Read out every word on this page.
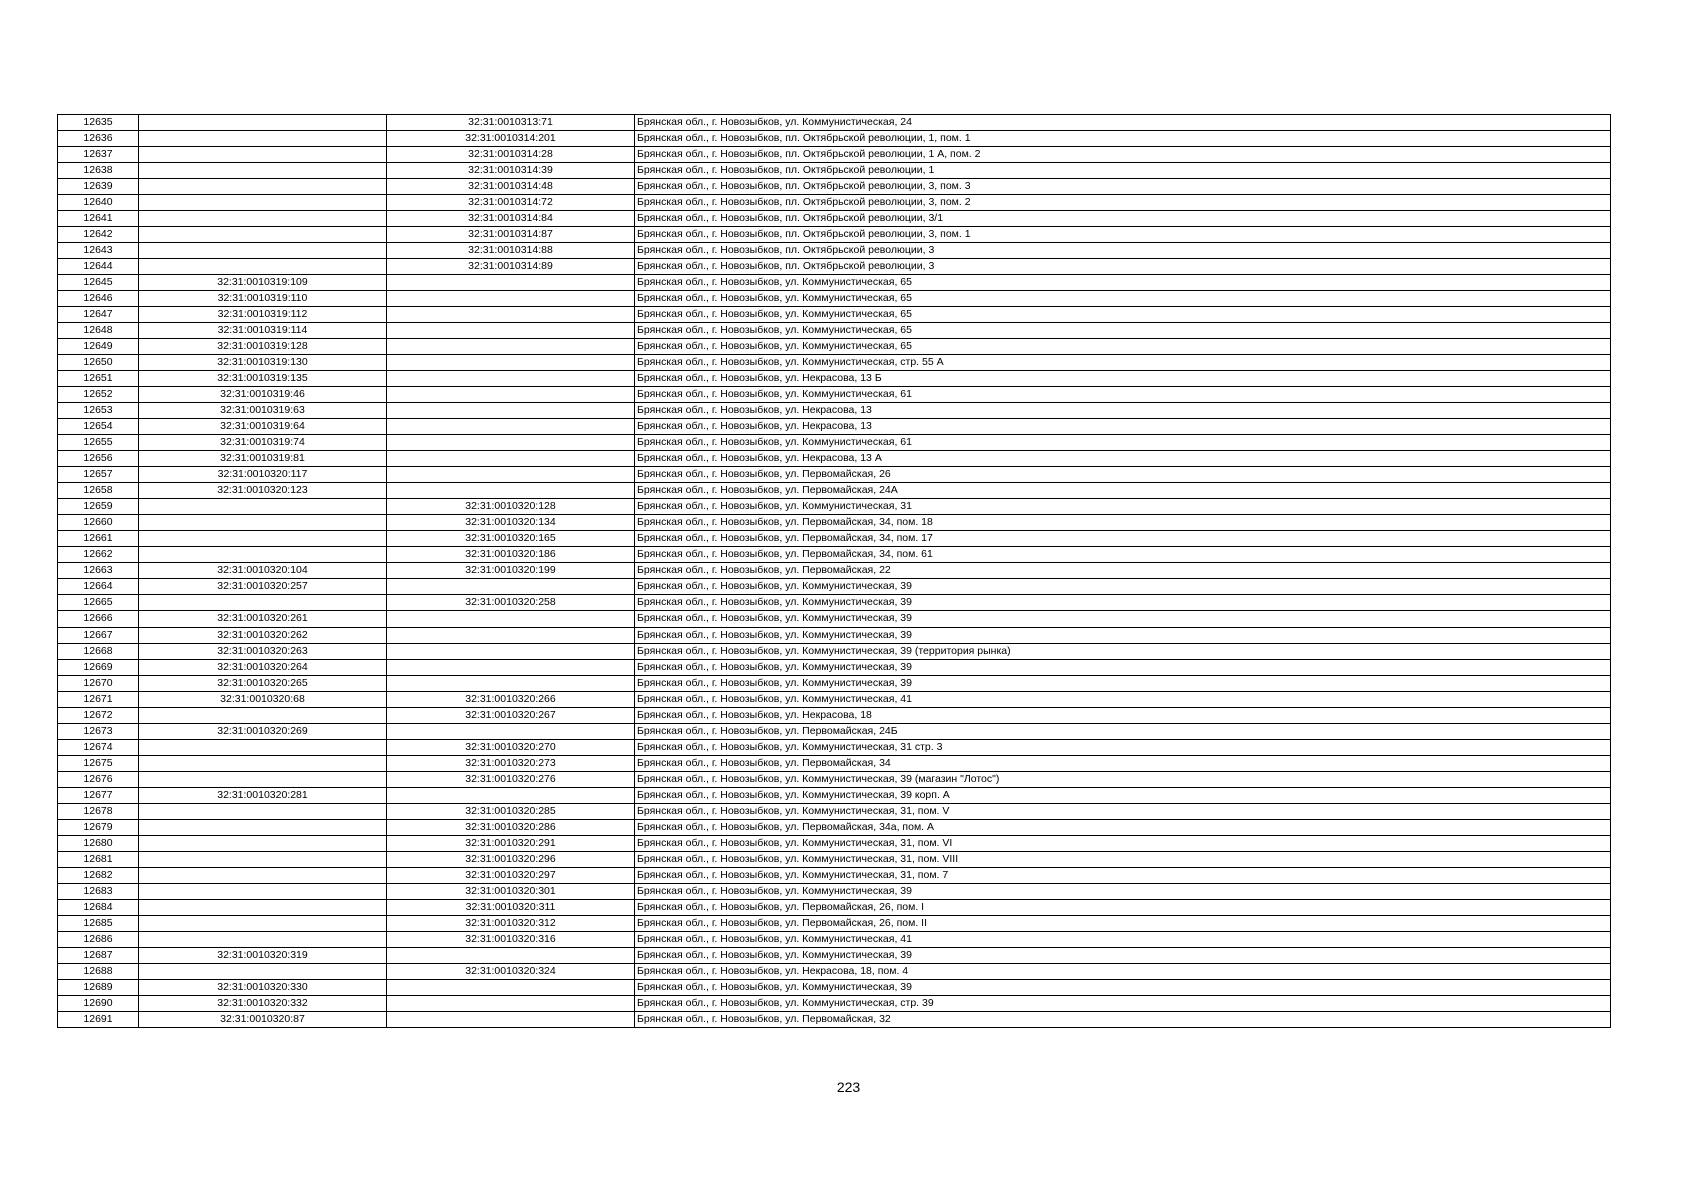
12635		32:31:0010313:71	Брянская обл., г. Новозыбков, ул. Коммунистическая, 24
12636		32:31:0010314:201	Брянская обл., г. Новозыбков, пл. Октябрьской революции, 1, пом. 1
12637		32:31:0010314:28	Брянская обл., г. Новозыбков, пл. Октябрьской революции, 1 А, пом. 2
12638		32:31:0010314:39	Брянская обл., г. Новозыбков, пл. Октябрьской революции, 1
12639		32:31:0010314:48	Брянская обл., г. Новозыбков, пл. Октябрьской революции, 3, пом. 3
12640		32:31:0010314:72	Брянская обл., г. Новозыбков, пл. Октябрьской революции, 3, пом. 2
12641		32:31:0010314:84	Брянская обл., г. Новозыбков, пл. Октябрьской революции, 3/1
12642		32:31:0010314:87	Брянская обл., г. Новозыбков, пл. Октябрьской революции, 3, пом. 1
12643		32:31:0010314:88	Брянская обл., г. Новозыбков, пл. Октябрьской революции, 3
12644		32:31:0010314:89	Брянская обл., г. Новозыбков, пл. Октябрьской революции, 3
12645	32:31:0010319:109		Брянская обл., г. Новозыбков, ул. Коммунистическая, 65
12646	32:31:0010319:110		Брянская обл., г. Новозыбков, ул. Коммунистическая, 65
12647	32:31:0010319:112		Брянская обл., г. Новозыбков, ул. Коммунистическая, 65
12648	32:31:0010319:114		Брянская обл., г. Новозыбков, ул. Коммунистическая, 65
12649	32:31:0010319:128		Брянская обл., г. Новозыбков, ул. Коммунистическая, 65
12650	32:31:0010319:130		Брянская обл., г. Новозыбков, ул. Коммунистическая, стр. 55 А
12651	32:31:0010319:135		Брянская обл., г. Новозыбков, ул. Некрасова, 13 Б
12652	32:31:0010319:46		Брянская обл., г. Новозыбков, ул. Коммунистическая, 61
12653	32:31:0010319:63		Брянская обл., г. Новозыбков, ул. Некрасова, 13
12654	32:31:0010319:64		Брянская обл., г. Новозыбков, ул. Некрасова, 13
12655	32:31:0010319:74		Брянская обл., г. Новозыбков, ул. Коммунистическая, 61
12656	32:31:0010319:81		Брянская обл., г. Новозыбков, ул. Некрасова, 13 А
12657	32:31:0010320:117		Брянская обл., г. Новозыбков, ул. Первомайская, 26
12658	32:31:0010320:123		Брянская обл., г. Новозыбков, ул. Первомайская, 24А
12659		32:31:0010320:128	Брянская обл., г. Новозыбков, ул. Коммунистическая, 31
12660		32:31:0010320:134	Брянская обл., г. Новозыбков, ул. Первомайская, 34, пом. 18
12661		32:31:0010320:165	Брянская обл., г. Новозыбков, ул. Первомайская, 34, пом. 17
12662		32:31:0010320:186	Брянская обл., г. Новозыбков, ул. Первомайская, 34, пом. 61
12663	32:31:0010320:104	32:31:0010320:199	Брянская обл., г. Новозыбков, ул. Первомайская, 22
12664	32:31:0010320:257		Брянская обл., г. Новозыбков, ул. Коммунистическая, 39
12665		32:31:0010320:258	Брянская обл., г. Новозыбков, ул. Коммунистическая, 39
12666	32:31:0010320:261		Брянская обл., г. Новозыбков, ул. Коммунистическая, 39
12667	32:31:0010320:262		Брянская обл., г. Новозыбков, ул. Коммунистическая, 39
12668	32:31:0010320:263		Брянская обл., г. Новозыбков, ул. Коммунистическая, 39 (территория рынка)
12669	32:31:0010320:264		Брянская обл., г. Новозыбков, ул. Коммунистическая, 39
12670	32:31:0010320:265		Брянская обл., г. Новозыбков, ул. Коммунистическая, 39
12671	32:31:0010320:68	32:31:0010320:266	Брянская обл., г. Новозыбков, ул. Коммунистическая, 41
12672		32:31:0010320:267	Брянская обл., г. Новозыбков, ул. Некрасова, 18
12673	32:31:0010320:269		Брянская обл., г. Новозыбков, ул. Первомайская, 24Б
12674		32:31:0010320:270	Брянская обл., г. Новозыбков, ул. Коммунистическая, 31 стр. 3
12675		32:31:0010320:273	Брянская обл., г. Новозыбков, ул. Первомайская, 34
12676		32:31:0010320:276	Брянская обл., г. Новозыбков, ул. Коммунистическая, 39 (магазин "Лотос")
12677	32:31:0010320:281		Брянская обл., г. Новозыбков, ул. Коммунистическая, 39 корп. А
12678		32:31:0010320:285	Брянская обл., г. Новозыбков, ул. Коммунистическая, 31, пом. V
12679		32:31:0010320:286	Брянская обл., г. Новозыбков, ул. Первомайская, 34а, пом. А
12680		32:31:0010320:291	Брянская обл., г. Новозыбков, ул. Коммунистическая, 31, пом. VI
12681		32:31:0010320:296	Брянская обл., г. Новозыбков, ул. Коммунистическая, 31, пом. VIII
12682		32:31:0010320:297	Брянская обл., г. Новозыбков, ул. Коммунистическая, 31, пом. 7
12683		32:31:0010320:301	Брянская обл., г. Новозыбков, ул. Коммунистическая, 39
12684		32:31:0010320:311	Брянская обл., г. Новозыбков, ул. Первомайская, 26, пом. I
12685		32:31:0010320:312	Брянская обл., г. Новозыбков, ул. Первомайская, 26, пом. II
12686		32:31:0010320:316	Брянская обл., г. Новозыбков, ул. Коммунистическая, 41
12687	32:31:0010320:319		Брянская обл., г. Новозыбков, ул. Коммунистическая, 39
12688		32:31:0010320:324	Брянская обл., г. Новозыбков, ул. Некрасова, 18, пом. 4
12689	32:31:0010320:330		Брянская обл., г. Новозыбков, ул. Коммунистическая, 39
12690	32:31:0010320:332		Брянская обл., г. Новозыбков, ул. Коммунистическая, стр. 39
12691	32:31:0010320:87		Брянская обл., г. Новозыбков, ул. Первомайская, 32
223
